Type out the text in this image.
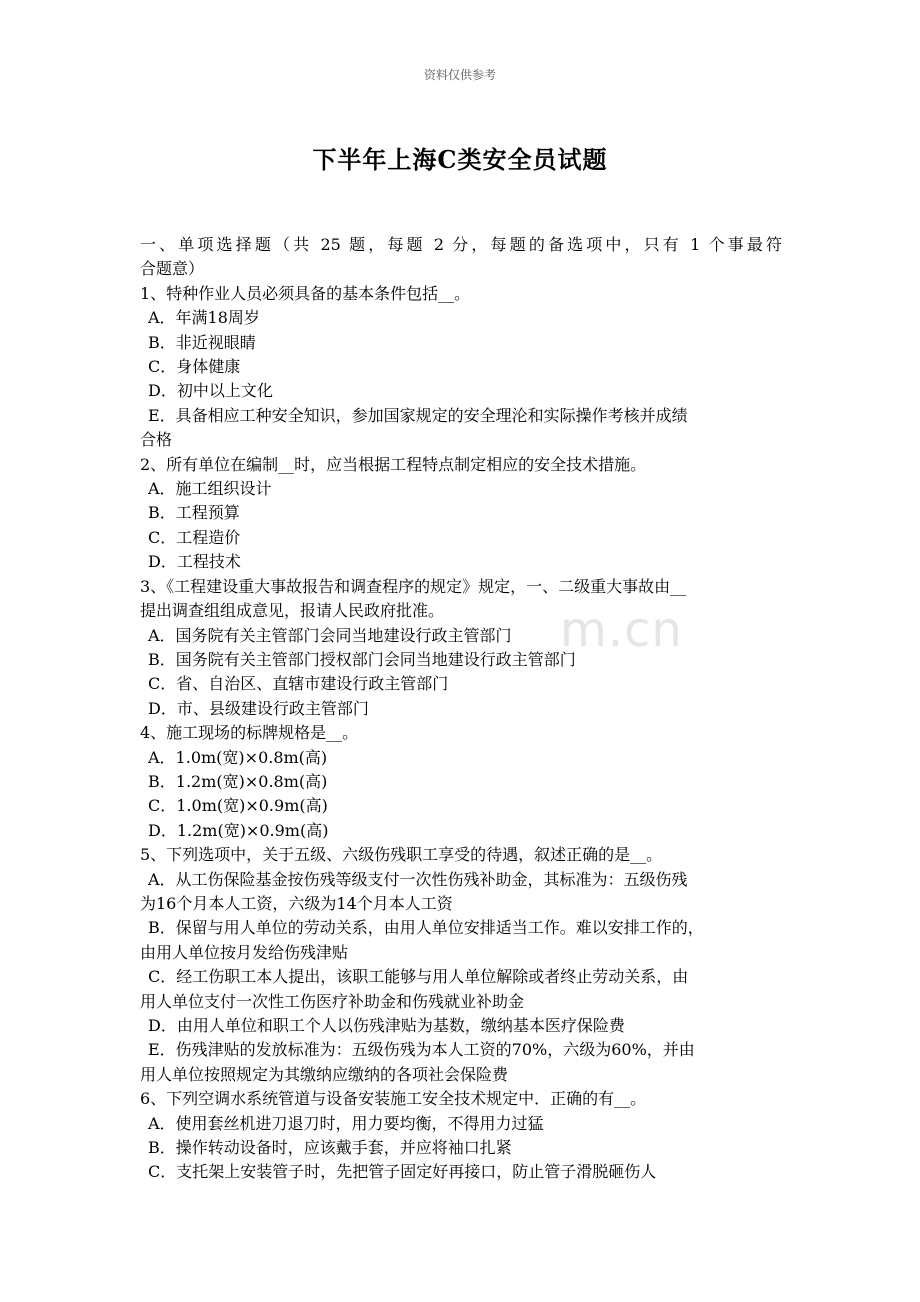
资料仅供参考
下半年上海C类安全员试题
m.cn
一、单项选择题（共 25 题，每题 2 分，每题的备选项中，只有 1 个事最符
合题意）
1、特种作业人员必须具备的基本条件包括__。
A．年满18周岁
B．非近视眼睛
C．身体健康
D．初中以上文化
E．具备相应工种安全知识，参加国家规定的安全理沦和实际操作考核并成绩
合格
2、所有单位在编制__时，应当根据工程特点制定相应的安全技术措施。
A．施工组织设计
B．工程预算
C．工程造价
D．工程技术
3、《工程建设重大事故报告和调查程序的规定》规定，一、二级重大事故由__
提出调查组组成意见，报请人民政府批准。
A．国务院有关主管部门会同当地建设行政主管部门
B．国务院有关主管部门授权部门会同当地建设行政主管部门
C．省、自治区、直辖市建设行政主管部门
D．市、县级建设行政主管部门
4、施工现场的标牌规格是__。
A．1.0m(宽)×0.8m(高)
B．1.2m(宽)×0.8m(高)
C．1.0m(宽)×0.9m(高)
D．1.2m(宽)×0.9m(高)
5、下列选项中，关于五级、六级伤残职工享受的待遇，叙述正确的是__。
A．从工伤保险基金按伤残等级支付一次性伤残补助金，其标准为：五级伤残
为16个月本人工资，六级为14个月本人工资
B．保留与用人单位的劳动关系，由用人单位安排适当工作。难以安排工作的，
由用人单位按月发给伤残津贴
C．经工伤职工本人提出，该职工能够与用人单位解除或者终止劳动关系，由
用人单位支付一次性工伤医疗补助金和伤残就业补助金
D．由用人单位和职工个人以伤残津贴为基数，缴纳基本医疗保险费
E．伤残津贴的发放标准为：五级伤残为本人工资的70%，六级为60%，并由
用人单位按照规定为其缴纳应缴纳的各项社会保险费
6、下列空调水系统管道与设备安装施工安全技术规定中．正确的有__。
A．使用套丝机进刀退刀时，用力要均衡，不得用力过猛
B．操作转动设备时，应该戴手套，并应将袖口扎紧
C．支托架上安装管子时，先把管子固定好再接口，防止管子滑脱砸伤人
